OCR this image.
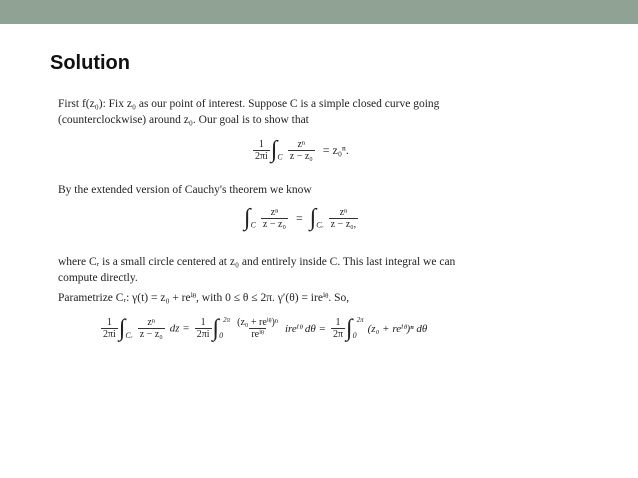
Solution

First f(z₀): Fix z₀ as our point of interest. Suppose C is a simple closed curve going
(counterclockwise) around z₀. Our goal is to show that

$\frac{1}{2\pi i} \int_C \frac{\text{zⁿ}}{\text{z − z₀}} = z_0^n$.

By the extended version of Cauchy's theorem we know

$\int_C \frac{\text{zⁿ}}{\text{z − z₀}} = \int_{Cᵣ} \frac{\text{zⁿ}}{\text{z − z₀,}}$

where Cᵣ is a small circle centered at z₀ and entirely inside C. This last integral we can
compute directly.

Parametrize Cᵣ: γ(t) = z₀ + reⁱᶿ, with 0 ≤ θ ≤ 2π. γ′(θ) = ireⁱᶿ. So,

$\frac{1}{2\pi i} \int_{Cᵣ} \frac{\text{zⁿ}}{\text{z − z₀}}$ dz = $\frac{1}{2\pi i} \int_0^{2\pi} \frac{\text{(z₀ + reⁱᶿ)ⁿ}}{\text{reⁱᶿ}}$ ireⁱᶿ $d\theta = \frac{1}{2\pi} \int_0^{2\pi}$ (z₀ + reⁱᶿ)ⁿ dθ
